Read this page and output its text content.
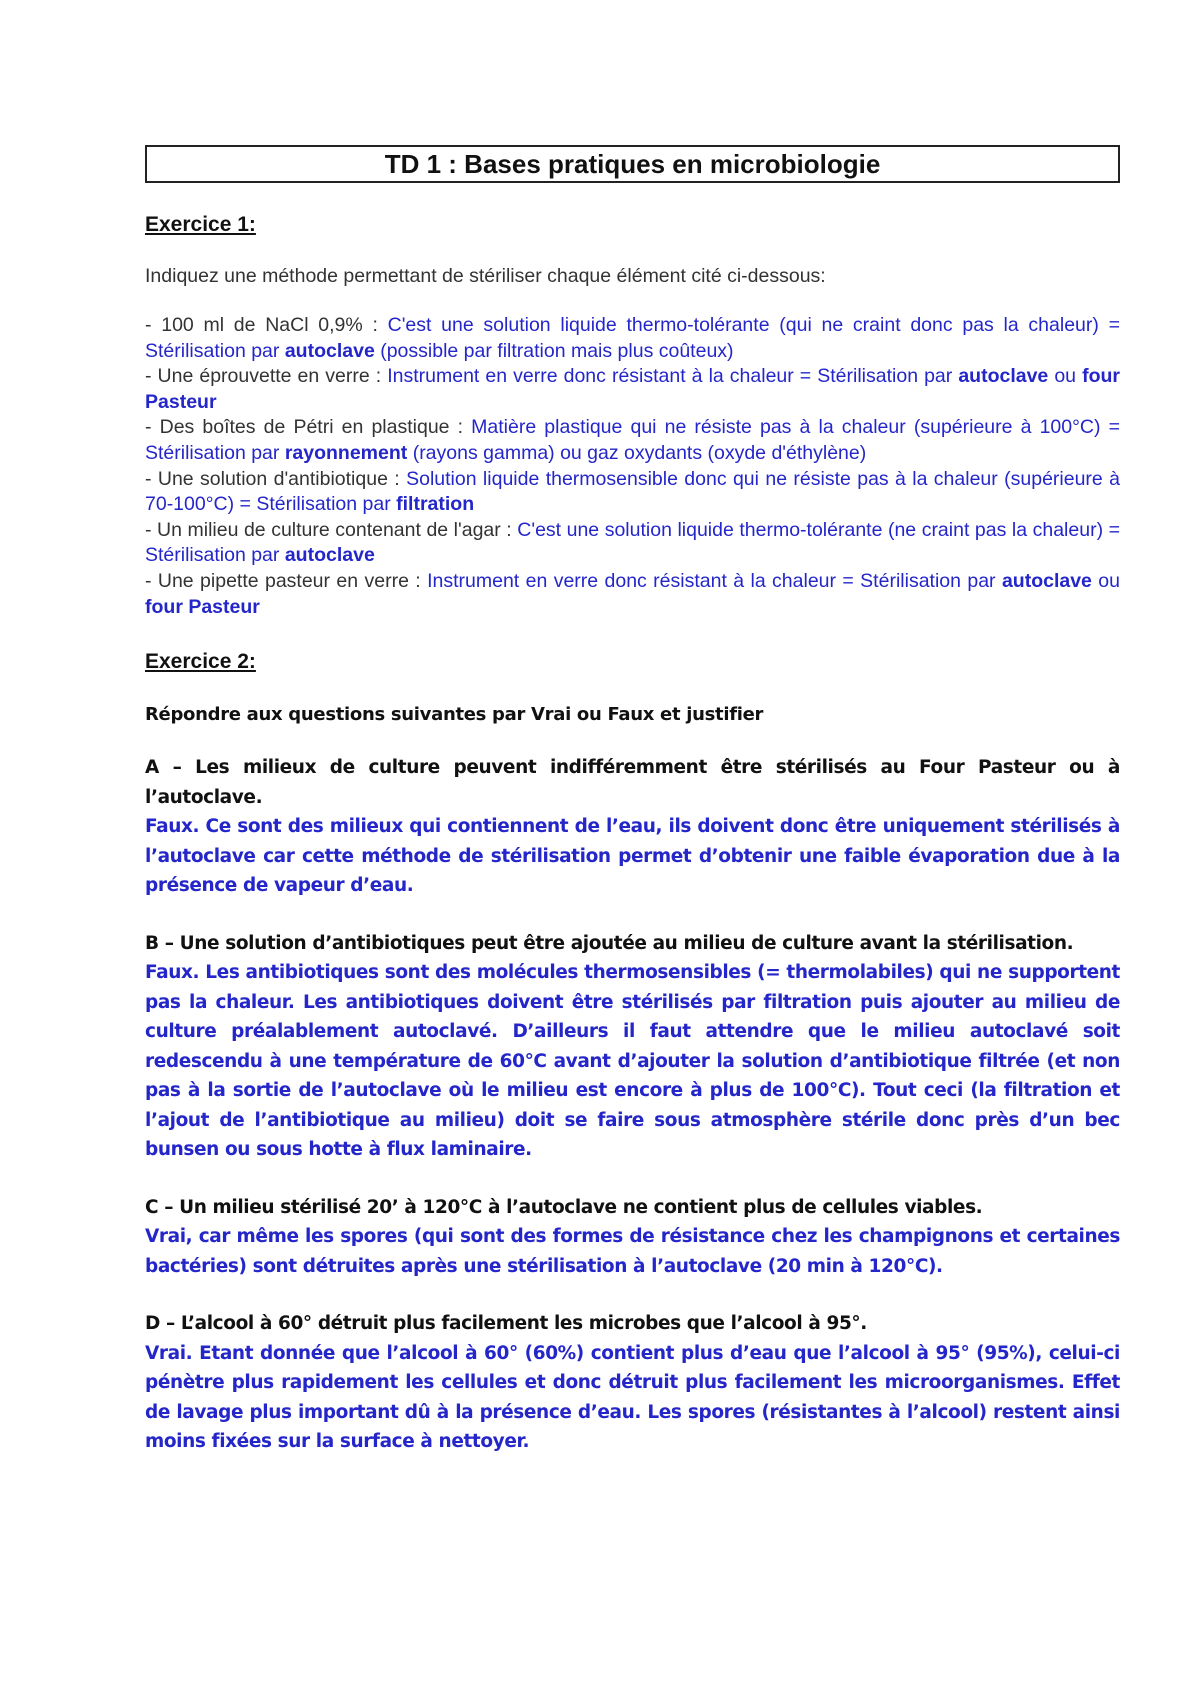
TD 1 : Bases pratiques en microbiologie
Exercice 1:
Indiquez une méthode permettant de stériliser chaque élément cité ci-dessous:
- 100 ml de NaCl 0,9% : C'est une solution liquide thermo-tolérante (qui ne craint donc pas la chaleur) = Stérilisation par autoclave (possible par filtration mais plus coûteux)
- Une éprouvette en verre : Instrument en verre donc résistant à la chaleur = Stérilisation par autoclave ou four Pasteur
- Des boîtes de Pétri en plastique : Matière plastique qui ne résiste pas à la chaleur (supérieure à 100°C) = Stérilisation par rayonnement (rayons gamma) ou gaz oxydants (oxyde d'éthylène)
- Une solution d'antibiotique : Solution liquide thermosensible donc qui ne résiste pas à la chaleur (supérieure à 70-100°C) = Stérilisation par filtration
- Un milieu de culture contenant de l'agar : C'est une solution liquide thermo-tolérante (ne craint pas la chaleur) = Stérilisation par autoclave
- Une pipette pasteur en verre : Instrument en verre donc résistant à la chaleur = Stérilisation par autoclave ou four Pasteur
Exercice 2:
Répondre aux questions suivantes par Vrai ou Faux et justifier
A – Les milieux de culture peuvent indifféremment être stérilisés au Four Pasteur ou à l’autoclave.
Faux. Ce sont des milieux qui contiennent de l’eau, ils doivent donc être uniquement stérilisés à l’autoclave car cette méthode de stérilisation permet d’obtenir une faible évaporation due à la présence de vapeur d’eau.
B – Une solution d’antibiotiques peut être ajoutée au milieu de culture avant la stérilisation.
Faux. Les antibiotiques sont des molécules thermosensibles (= thermolabiles) qui ne supportent pas la chaleur. Les antibiotiques doivent être stérilisés par filtration puis ajouter au milieu de culture préalablement autoclavé. D’ailleurs il faut attendre que le milieu autoclavé soit redescendu à une température de 60°C avant d’ajouter la solution d’antibiotique filtrée (et non pas à la sortie de l’autoclave où le milieu est encore à plus de 100°C). Tout ceci (la filtration et l’ajout de l’antibiotique au milieu) doit se faire sous atmosphère stérile donc près d’un bec bunsen ou sous hotte à flux laminaire.
C – Un milieu stérilisé 20’ à 120°C à l’autoclave ne contient plus de cellules viables.
Vrai, car même les spores (qui sont des formes de résistance chez les champignons et certaines bactéries) sont détruites après une stérilisation à l’autoclave (20 min à 120°C).
D – L’alcool à 60° détruit plus facilement les microbes que l’alcool à 95°.
Vrai. Etant donnée que l’alcool à 60° (60%) contient plus d’eau que l’alcool à 95° (95%), celui-ci pénètre plus rapidement les cellules et donc détruit plus facilement les microorganismes. Effet de lavage plus important dû à la présence d’eau. Les spores (résistantes à l’alcool) restent ainsi moins fixées sur la surface à nettoyer.
